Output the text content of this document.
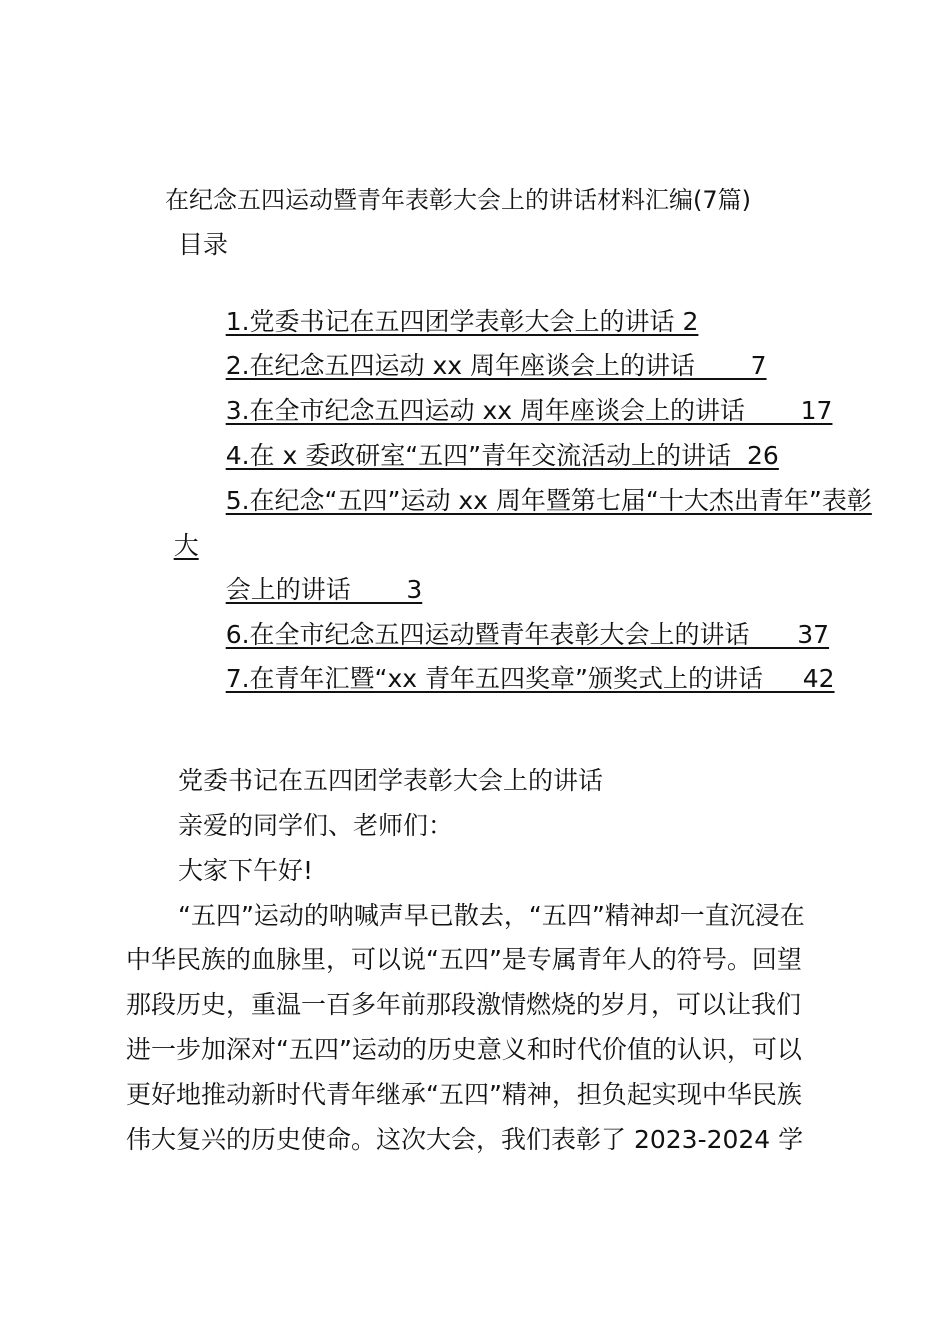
在纪念五四运动暨青年表彰大会上的讲话材料汇编(7篇)
目录

1.党委书记在五四团学表彰大会上的讲话 2

2.在纪念五四运动 xx 周年座谈会上的讲话       7

3.在全市纪念五四运动 xx 周年座谈会上的讲话       17

4.在 x 委政研室“五四”青年交流活动上的讲话  26

5.在纪念“五四”运动 xx 周年暨第七届“十大杰出青年”表彰

大

会上的讲话       3

6.在全市纪念五四运动暨青年表彰大会上的讲话      37

7.在青年汇暨“xx 青年五四奖章”颁奖式上的讲话     42

党委书记在五四团学表彰大会上的讲话
亲爱的同学们、老师们：
大家下午好!
“五四”运动的呐喊声早已散去，“五四”精神却一直沉浸在
中华民族的血脉里，可以说“五四”是专属青年人的符号。回望
那段历史，重温一百多年前那段激情燃烧的岁月，可以让我们
进一步加深对“五四”运动的历史意义和时代价值的认识，可以
更好地推动新时代青年继承“五四”精神，担负起实现中华民族
伟大复兴的历史使命。这次大会，我们表彰了 2023-2024 学
